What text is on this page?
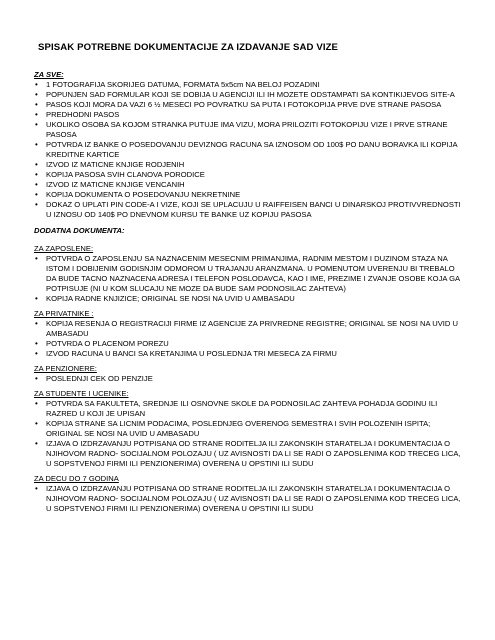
SPISAK POTREBNE DOKUMENTACIJE ZA IZDAVANJE SAD VIZE
ZA SVE:
• 1 FOTOGRAFIJA SKORIJEG DATUMA, FORMATA 5x5cm NA BELOJ POZADINI
• POPUNJEN SAD FORMULAR KOJI SE DOBIJA U AGENCIJI ILI IH MOZETE ODSTAMPATI SA KONTIKIJEVOG SITE-A
• PASOS KOJI MORA DA VAZI 6 ½ MESECI PO POVRATKU SA PUTA I FOTOKOPIJA PRVE DVE STRANE PASOSA
• PREDHODNI PASOS
• UKOLIKO OSOBA SA KOJOM STRANKA PUTUJE IMA VIZU, MORA PRILOZITI FOTOKOPIJU VIZE I PRVE STRANE PASOSA
• POTVRDA IZ BANKE O POSEDOVANJU DEVIZNOG RACUNA SA IZNOSOM OD 100$ PO DANU BORAVKA ILI KOPIJA KREDITNE KARTICE
• IZVOD IZ MATICNE KNJIGE RODJENIH
• KOPIJA PASOSA SVIH CLANOVA PORODICE
• IZVOD IZ MATICNE KNJIGE VENCANIH
• KOPIJA DOKUMENTA O POSEDOVANJU NEKRETNINE
• DOKAZ O UPLATI PIN CODE-A I VIZE, KOJI SE UPLACUJU U RAIFFEISEN BANCI U DINARSKOJ PROTIVVREDNOSTI U IZNOSU OD 140$ PO DNEVNOM KURSU TE BANKE UZ KOPIJU PASOSA
DODATNA DOKUMENTA:
ZA ZAPOSLENE:
• POTVRDA O ZAPOSLENJU SA NAZNACENIM MESECNIM PRIMANJIMA, RADNIM MESTOM I DUZINOM STAZA NA ISTOM I DOBIJENIM GODISNJIM ODMOROM U TRAJANJU ARANZMANA. U POMENUTOM UVERENJU BI TREBALO DA BUDE TACNO NAZNACENA ADRESA I TELEFON POSLODAVCA, KAO I IME, PREZIME I ZVANJE OSOBE KOJA GA POTPISUJE (NI U KOM SLUCAJU NE MOZE DA BUDE SAM PODNOSILAC ZAHTEVA)
• KOPIJA RADNE KNJIZICE; ORIGINAL SE NOSI NA UVID U AMBASADU
ZA PRIVATNIKE :
• KOPIJA RESENJA O REGISTRACIJI FIRME IZ AGENCIJE ZA PRIVREDNE REGISTRE; ORIGINAL SE NOSI NA UVID U AMBASADU
• POTVRDA O PLACENOM POREZU
• IZVOD RACUNA U BANCI SA KRETANJIMA U POSLEDNJA TRI MESECA ZA FIRMU
ZA PENZIONERE:
• POSLEDNJI CEK OD PENZIJE
ZA STUDENTE I UCENIKE:
• POTVRDA SA FAKULTETA, SREDNJE ILI OSNOVNE SKOLE DA PODNOSILAC ZAHTEVA POHADJA GODINU ILI RAZRED U KOJI JE UPISAN
• KOPIJA STRANE SA LICNIM PODACIMA, POSLEDNJEG OVERENOG SEMESTRA I SVIH POLOZENIH ISPITA; ORIGINAL SE NOSI NA UVID U AMBASADU
• IZJAVA O IZDRZAVANJU POTPISANA OD STRANE RODITELJA ILI ZAKONSKIH STARATELJA I DOKUMENTACIJA O NJIHOVOM RADNO- SOCIJALNOM POLOZAJU ( UZ AVISNOSTI DA LI SE RADI O ZAPOSLENIMA KOD TRECEG LICA, U SOPSTVENOJ FIRMI ILI PENZIONERIMA) OVERENA U OPSTINI ILI SUDU
ZA DECU DO 7 GODINA
• IZJAVA O IZDRZAVANJU POTPISANA OD STRANE RODITELJA ILI ZAKONSKIH STARATELJA I DOKUMENTACIJA O NJIHOVOM RADNO- SOCIJALNOM POLOZAJU ( UZ AVISNOSTI DA LI SE RADI O ZAPOSLENIMA KOD TRECEG LICA, U SOPSTVENOJ FIRMI ILI PENZIONERIMA) OVERENA U OPSTINI ILI SUDU
